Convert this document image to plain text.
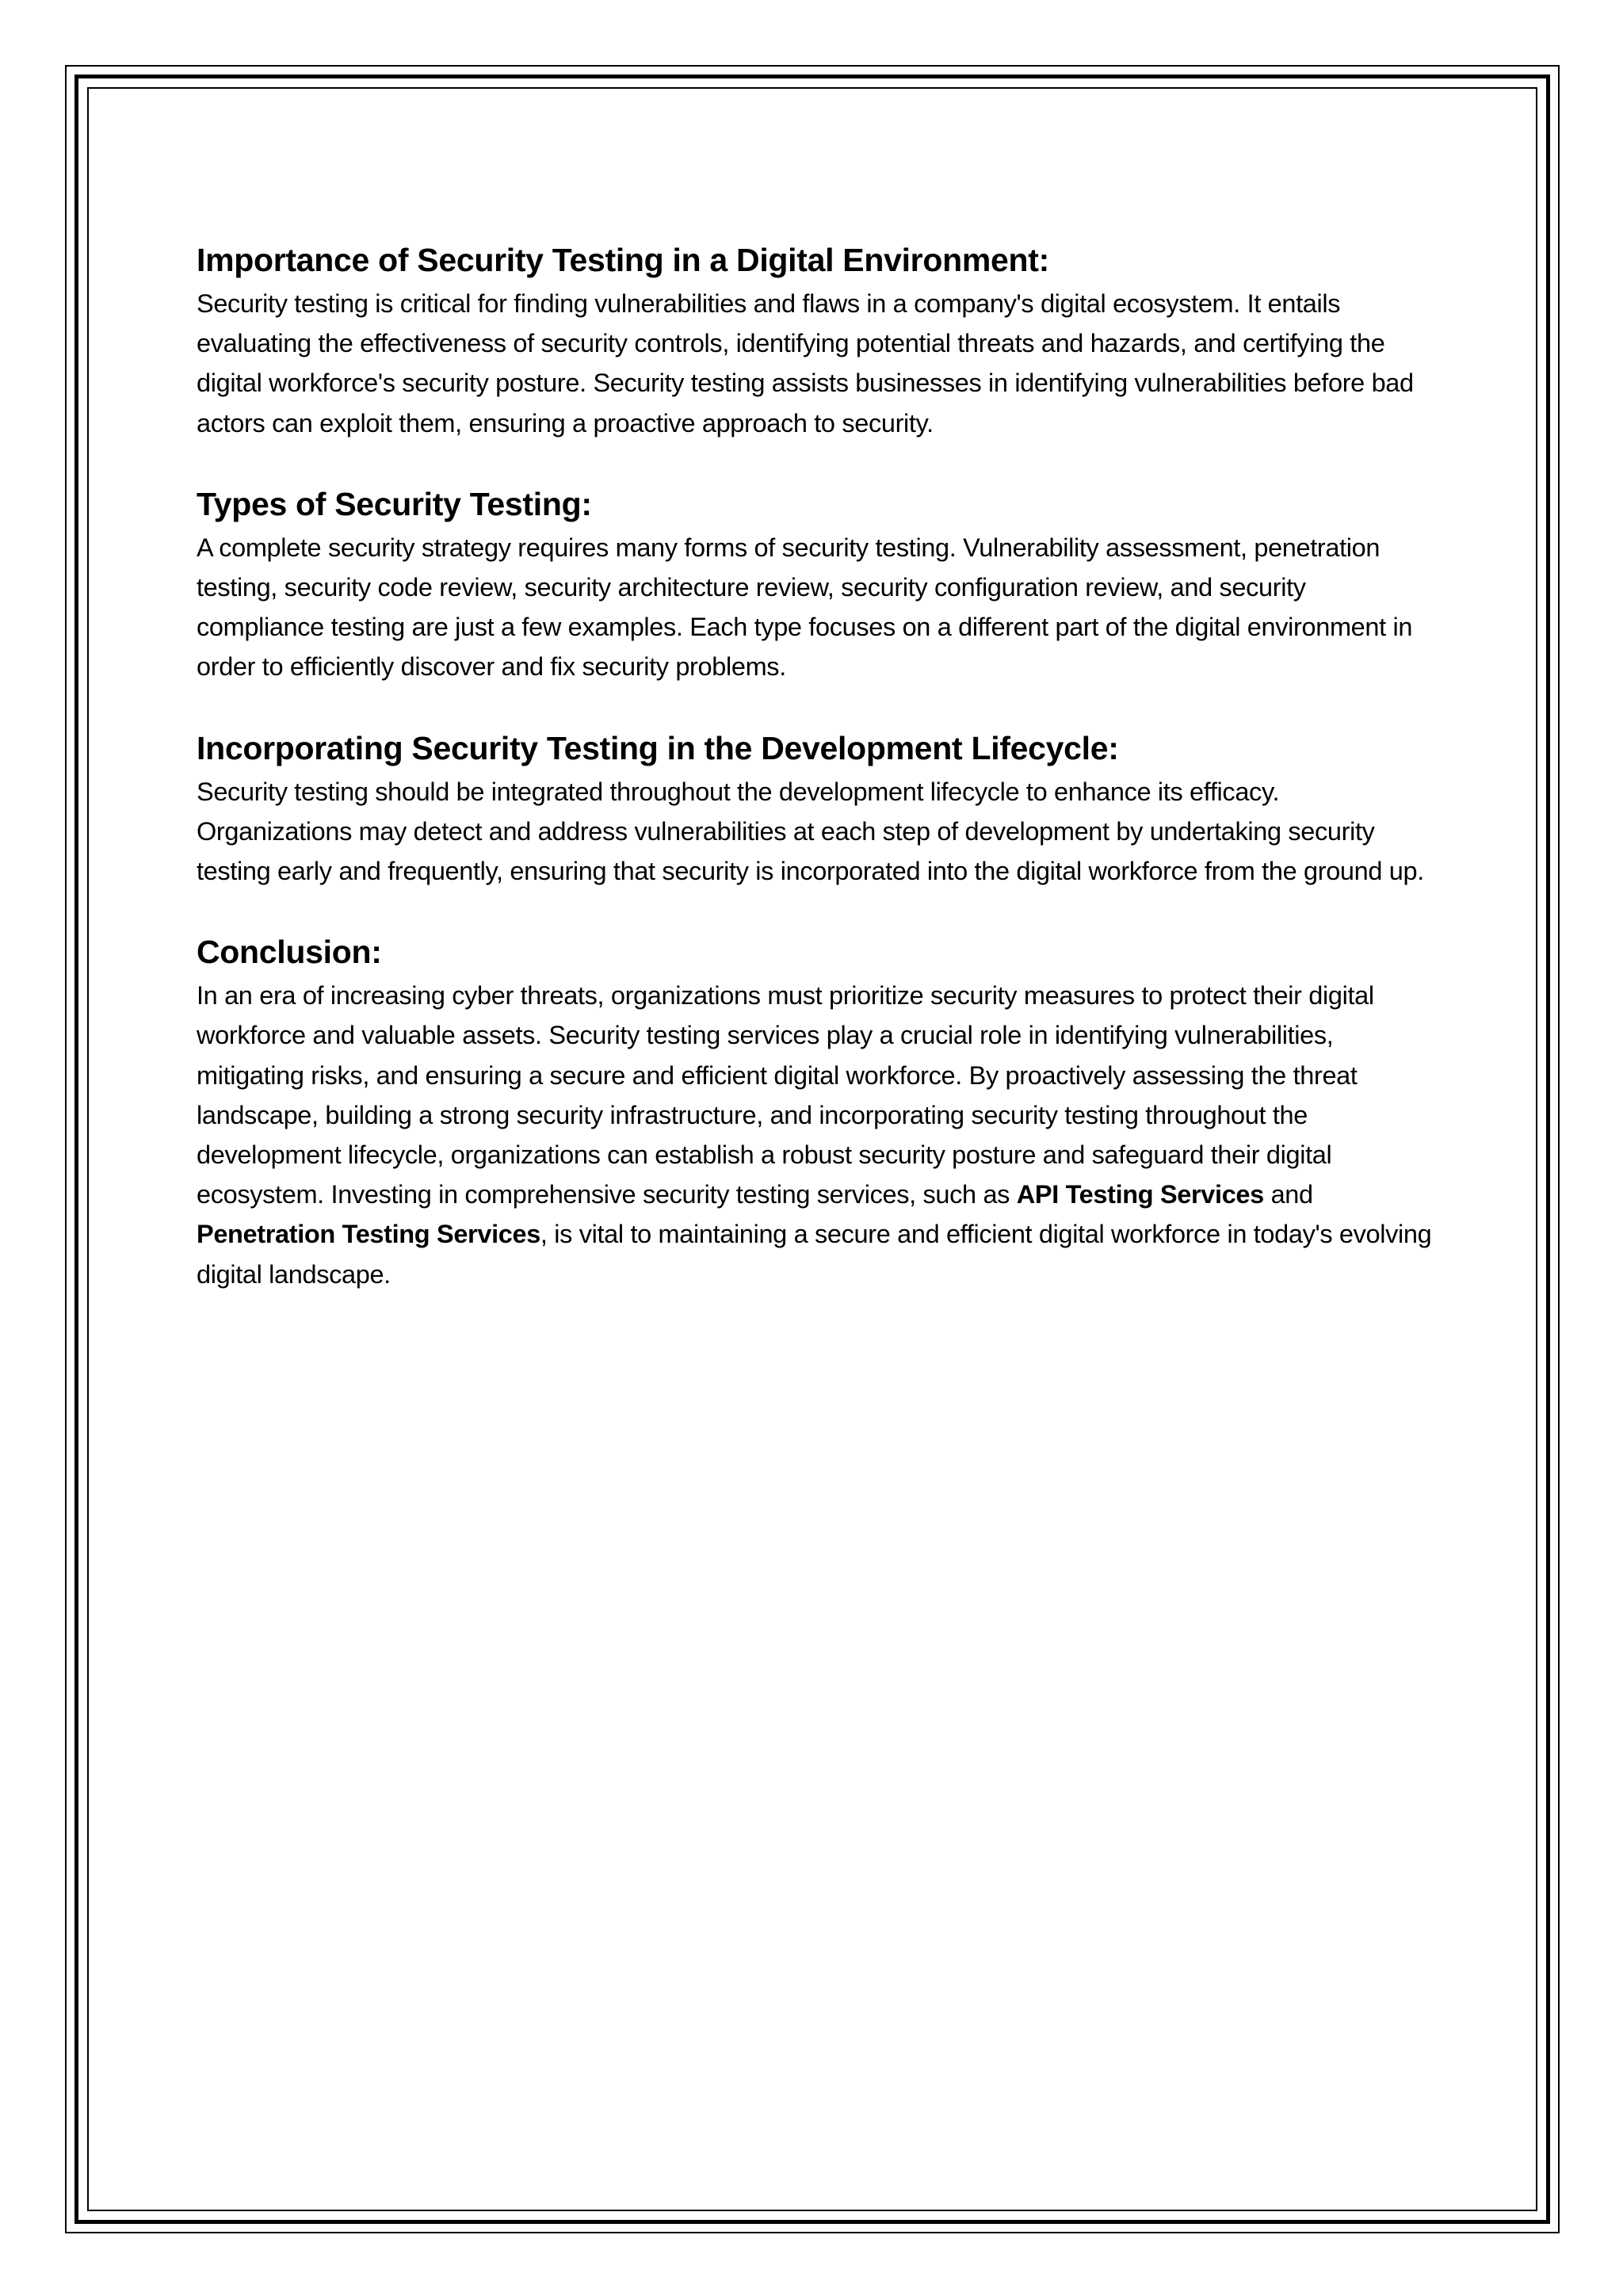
Importance of Security Testing in a Digital Environment:

Security testing is critical for finding vulnerabilities and flaws in a company's digital ecosystem. It entails evaluating the effectiveness of security controls, identifying potential threats and hazards, and certifying the digital workforce's security posture. Security testing assists businesses in identifying vulnerabilities before bad actors can exploit them, ensuring a proactive approach to security.

Types of Security Testing:

A complete security strategy requires many forms of security testing. Vulnerability assessment, penetration testing, security code review, security architecture review, security configuration review, and security compliance testing are just a few examples. Each type focuses on a different part of the digital environment in order to efficiently discover and fix security problems.

Incorporating Security Testing in the Development Lifecycle:

Security testing should be integrated throughout the development lifecycle to enhance its efficacy. Organizations may detect and address vulnerabilities at each step of development by undertaking security testing early and frequently, ensuring that security is incorporated into the digital workforce from the ground up.

Conclusion:

In an era of increasing cyber threats, organizations must prioritize security measures to protect their digital workforce and valuable assets. Security testing services play a crucial role in identifying vulnerabilities, mitigating risks, and ensuring a secure and efficient digital workforce. By proactively assessing the threat landscape, building a strong security infrastructure, and incorporating security testing throughout the development lifecycle, organizations can establish a robust security posture and safeguard their digital ecosystem. Investing in comprehensive security testing services, such as API Testing Services and Penetration Testing Services, is vital to maintaining a secure and efficient digital workforce in today's evolving digital landscape.
